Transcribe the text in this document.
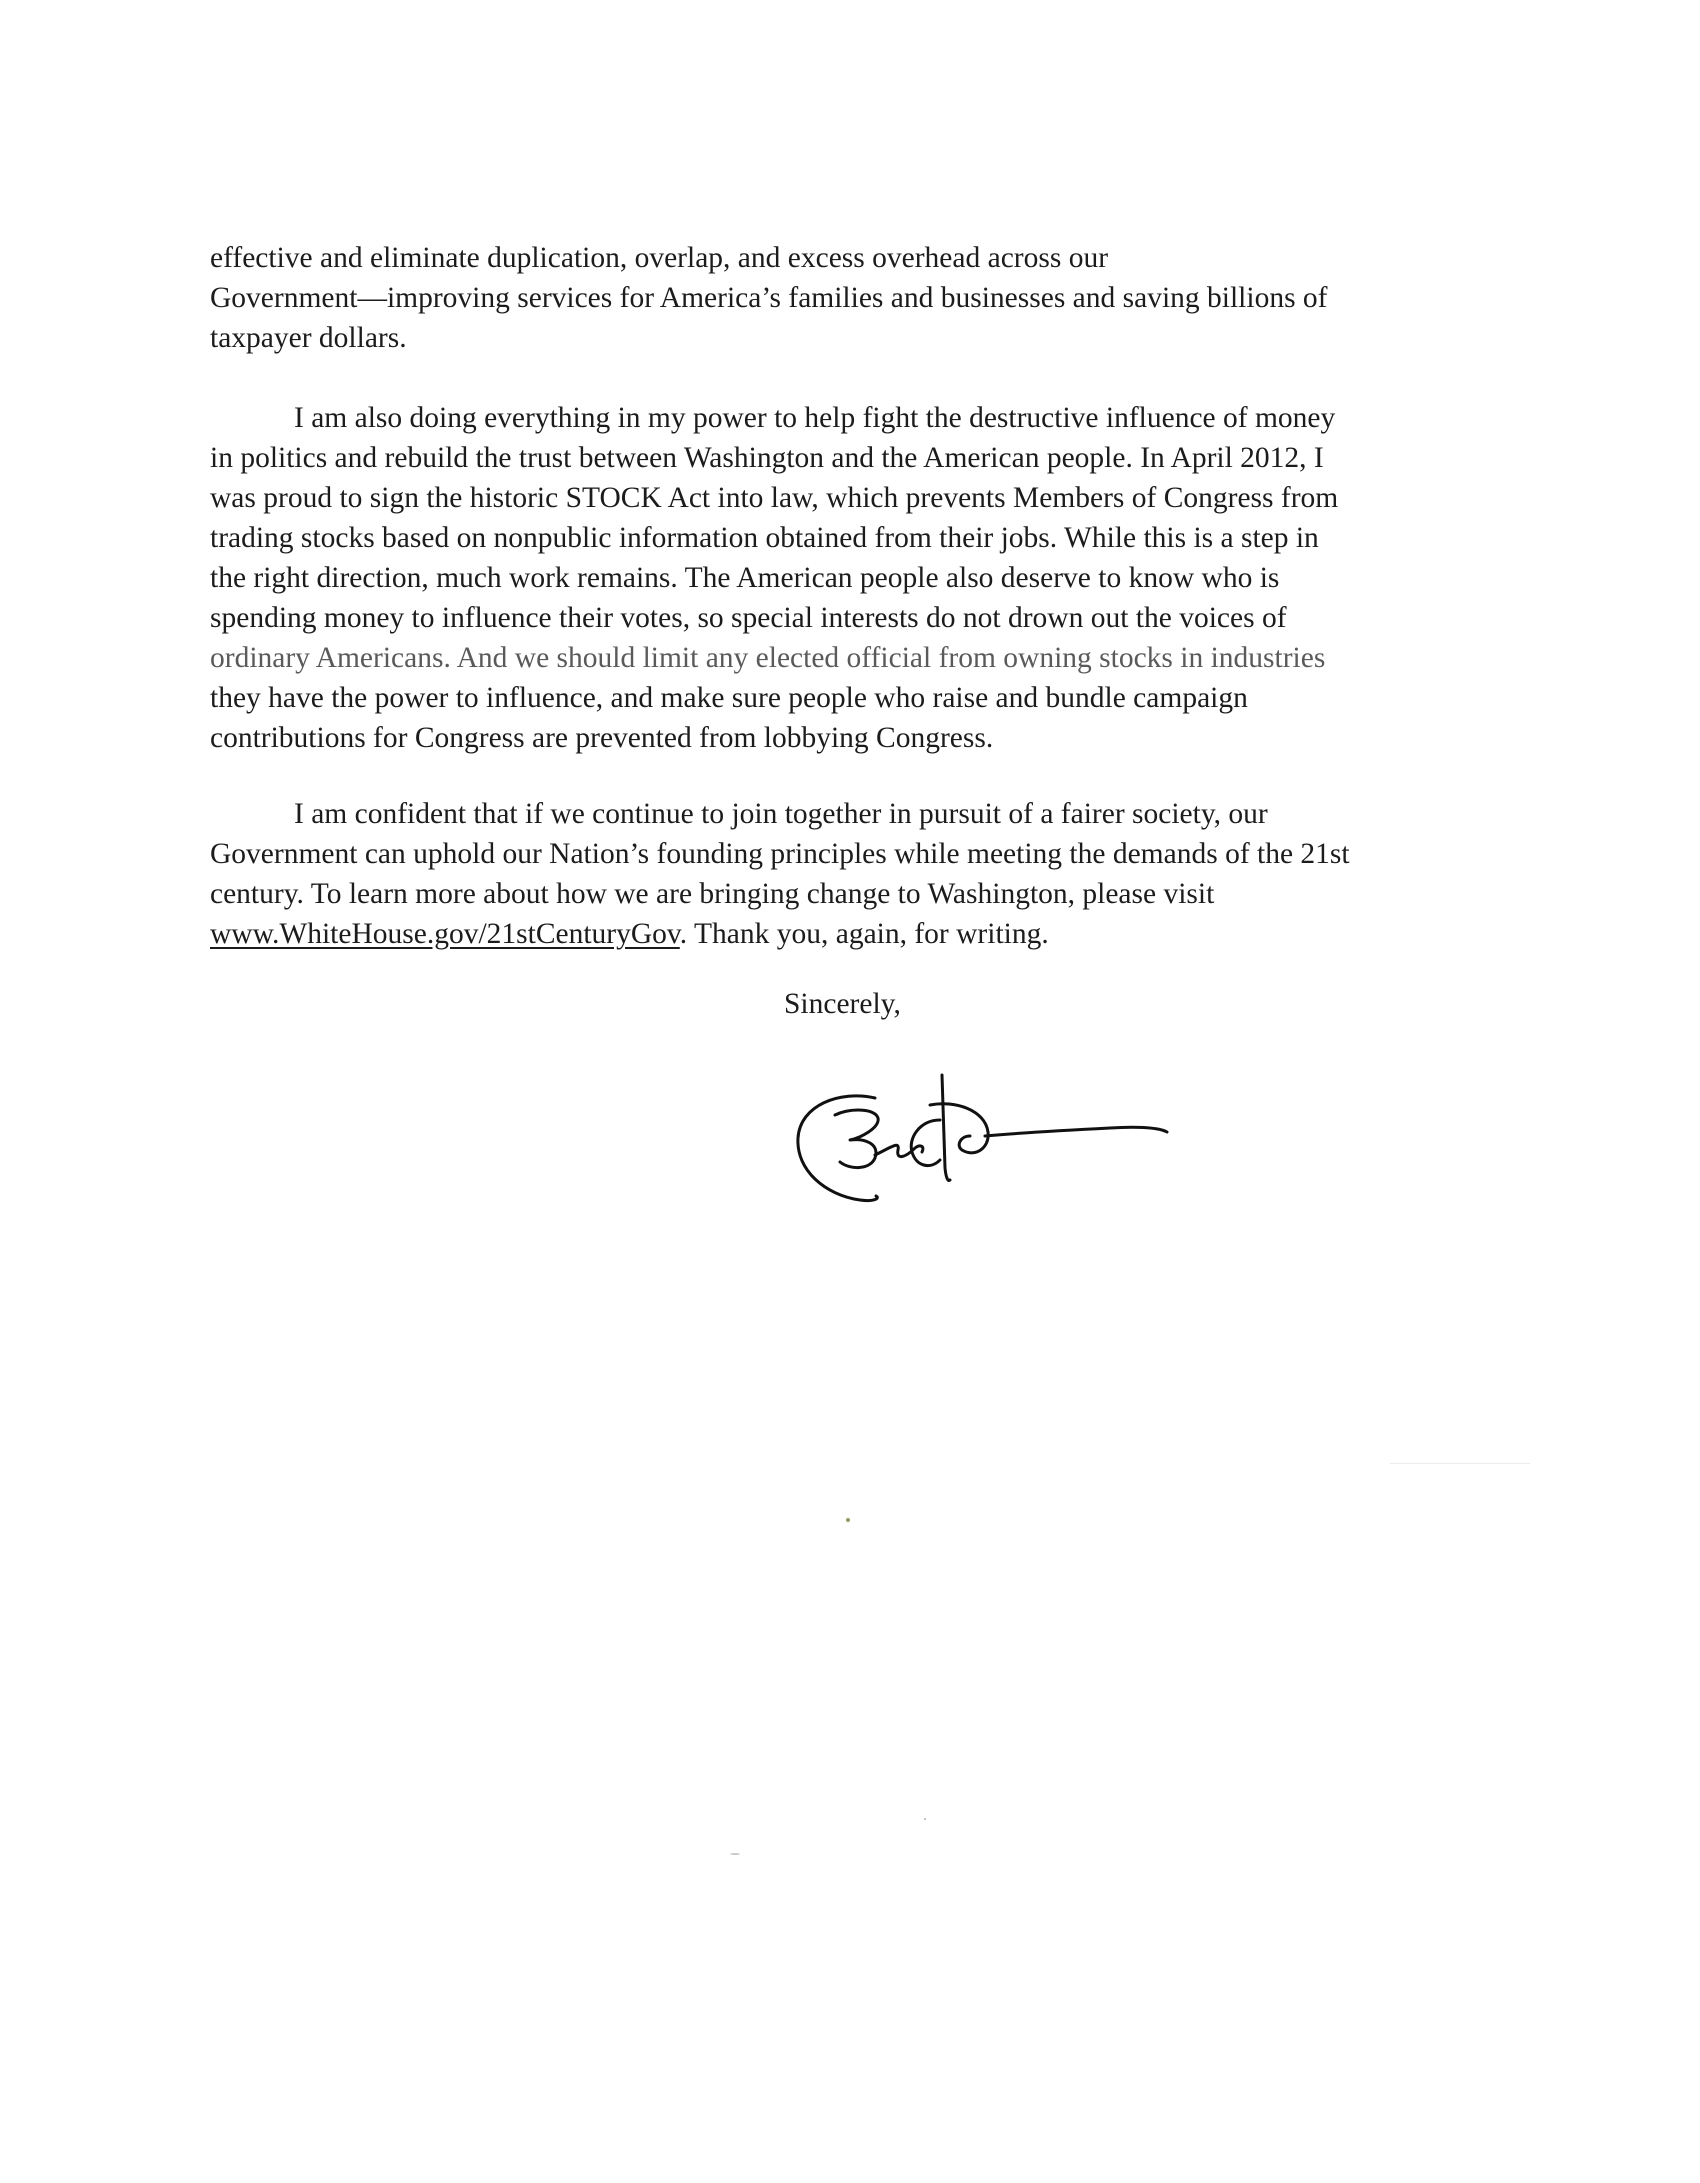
effective and eliminate duplication, overlap, and excess overhead across our
Government—improving services for America’s families and businesses and saving billions of
taxpayer dollars.
I am also doing everything in my power to help fight the destructive influence of money
in politics and rebuild the trust between Washington and the American people. In April 2012, I
was proud to sign the historic STOCK Act into law, which prevents Members of Congress from
trading stocks based on nonpublic information obtained from their jobs. While this is a step in
the right direction, much work remains. The American people also deserve to know who is
spending money to influence their votes, so special interests do not drown out the voices of
ordinary Americans. And we should limit any elected official from owning stocks in industries
they have the power to influence, and make sure people who raise and bundle campaign
contributions for Congress are prevented from lobbying Congress.
I am confident that if we continue to join together in pursuit of a fairer society, our
Government can uphold our Nation’s founding principles while meeting the demands of the 21st
century. To learn more about how we are bringing change to Washington, please visit
www.WhiteHouse.gov/21stCenturyGov. Thank you, again, for writing.
Sincerely,
